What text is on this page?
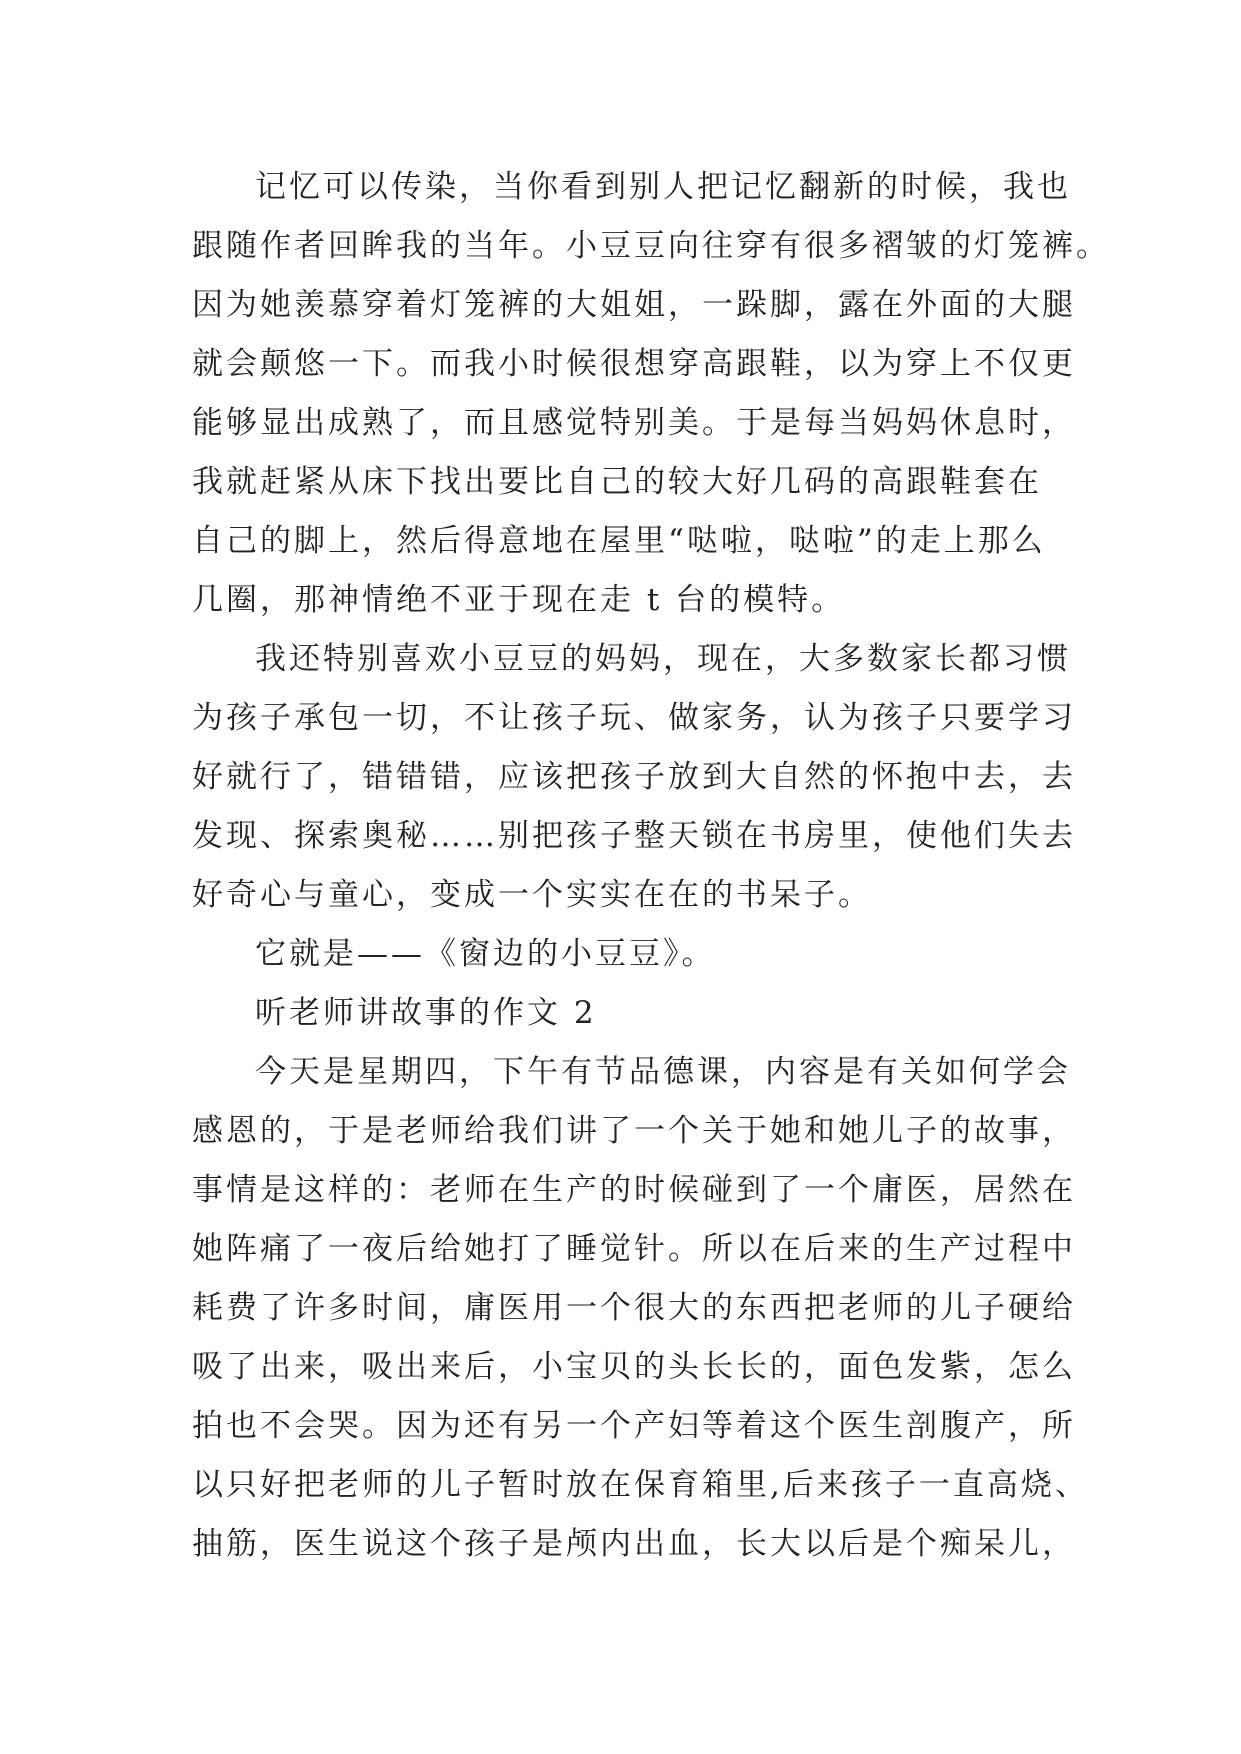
记忆可以传染，当你看到别人把记忆翻新的时候，我也
跟随作者回眸我的当年。小豆豆向往穿有很多褶皱的灯笼裤。
因为她羡慕穿着灯笼裤的大姐姐，一跺脚，露在外面的大腿
就会颠悠一下。而我小时候很想穿高跟鞋，以为穿上不仅更
能够显出成熟了，而且感觉特别美。于是每当妈妈休息时，
我就赶紧从床下找出要比自己的较大好几码的高跟鞋套在
自己的脚上，然后得意地在屋里“哒啦，哒啦”的走上那么
几圈，那神情绝不亚于现在走 t 台的模特。
我还特别喜欢小豆豆的妈妈，现在，大多数家长都习惯
为孩子承包一切，不让孩子玩、做家务，认为孩子只要学习
好就行了，错错错，应该把孩子放到大自然的怀抱中去，去
发现、探索奥秘……别把孩子整天锁在书房里，使他们失去
好奇心与童心，变成一个实实在在的书呆子。
它就是——《窗边的小豆豆》。
听老师讲故事的作文 2
今天是星期四，下午有节品德课，内容是有关如何学会
感恩的，于是老师给我们讲了一个关于她和她儿子的故事，
事情是这样的：老师在生产的时候碰到了一个庸医，居然在
她阵痛了一夜后给她打了睡觉针。所以在后来的生产过程中
耗费了许多时间，庸医用一个很大的东西把老师的儿子硬给
吸了出来，吸出来后，小宝贝的头长长的，面色发紫，怎么
拍也不会哭。因为还有另一个产妇等着这个医生剖腹产，所
以只好把老师的儿子暂时放在保育箱里,后来孩子一直高烧、
抽筋，医生说这个孩子是颅内出血，长大以后是个痴呆儿，
